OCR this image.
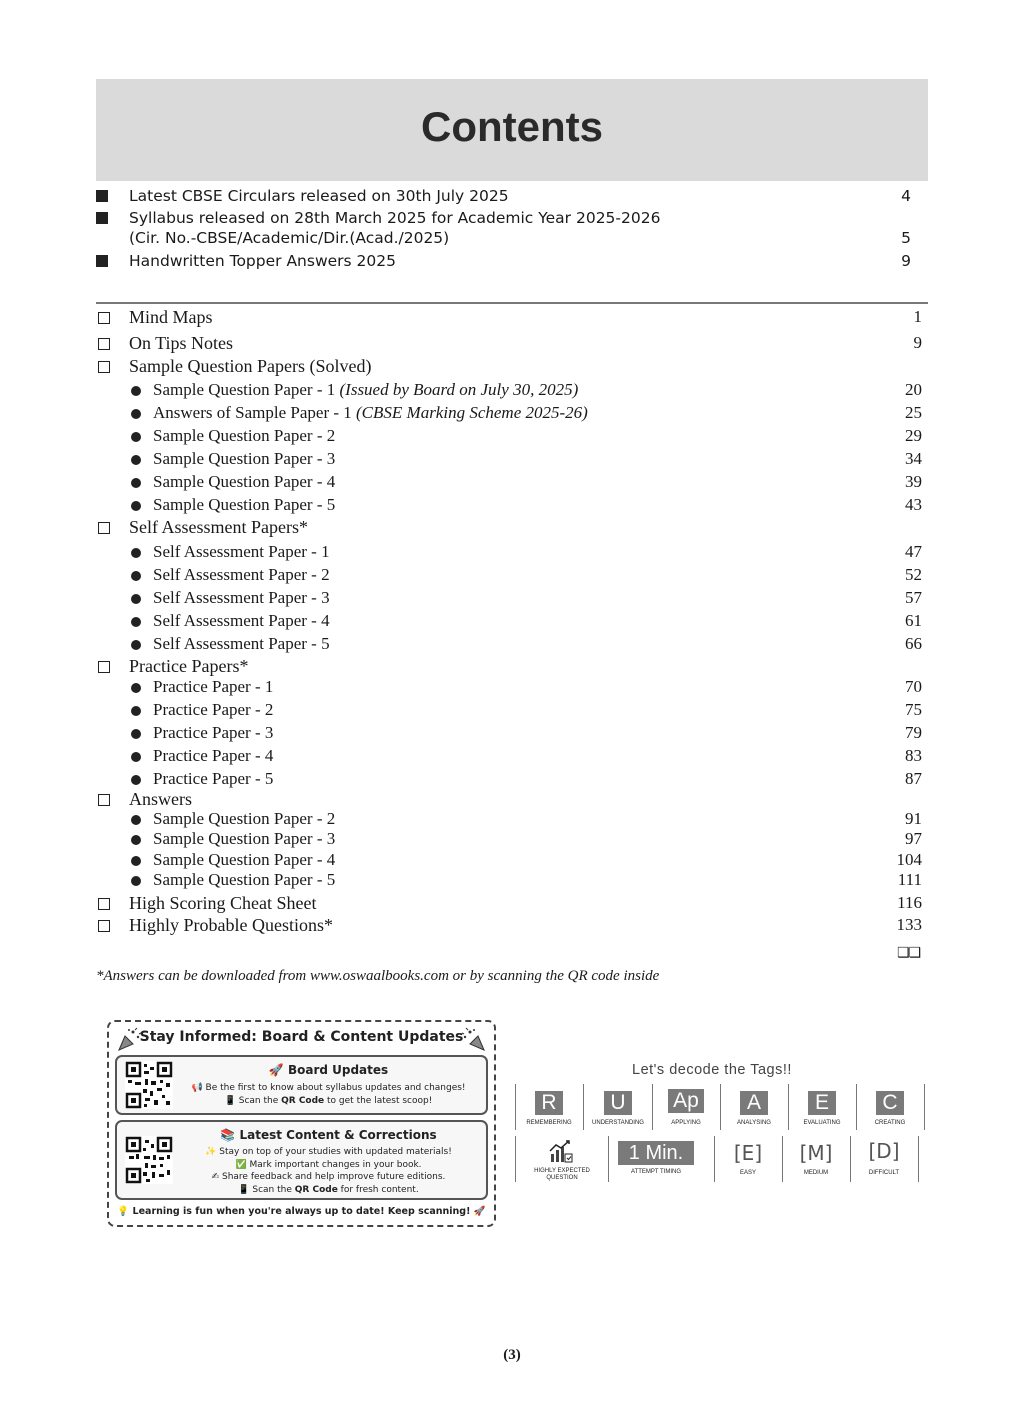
Contents
Latest CBSE Circulars released on 30th July 2025	4
Syllabus released on 28th March 2025 for Academic Year 2025-2026
(Cir. No.-CBSE/Academic/Dir.(Acad./2025)	5
Handwritten Topper Answers 2025	9
Mind Maps	1
On Tips Notes	9
Sample Question Papers (Solved)
Sample Question Paper - 1 (Issued by Board on July 30, 2025)	20
Answers of Sample Paper - 1 (CBSE Marking Scheme 2025-26)	25
Sample Question Paper - 2	29
Sample Question Paper - 3	34
Sample Question Paper - 4	39
Sample Question Paper - 5	43
Self Assessment Papers*
Self Assessment Paper - 1	47
Self Assessment Paper - 2	52
Self Assessment Paper - 3	57
Self Assessment Paper - 4	61
Self Assessment Paper - 5	66
Practice Papers*
Practice Paper - 1	70
Practice Paper - 2	75
Practice Paper - 3	79
Practice Paper - 4	83
Practice Paper - 5	87
Answers
Sample Question Paper - 2	91
Sample Question Paper - 3	97
Sample Question Paper - 4	104
Sample Question Paper - 5	111
High Scoring Cheat Sheet	116
Highly Probable Questions*	133
❑❑
*Answers can be downloaded from www.oswaalbooks.com or by scanning the QR code inside
Stay Informed: Board & Content Updates
🚀 Board Updates
📢 Be the first to know about syllabus updates and changes!
📱 Scan the QR Code to get the latest scoop!
📚 Latest Content & Corrections
✨ Stay on top of your studies with updated materials!
✅ Mark important changes in your book.
✍ Share feedback and help improve future editions.
📱 Scan the QR Code for fresh content.
💡 Learning is fun when you're always up to date! Keep scanning! 🚀
Let's decode the Tags!!
R
REMEMBERING
U
UNDERSTANDING
Ap
APPLYING
A
ANALYSING
E
EVALUATING
C
CREATING
HIGHLY EXPECTED QUESTION
1 Min.
ATTEMPT TIMING
[E]
EASY
[M]
MEDIUM
[D]
DIFFICULT
(3)
